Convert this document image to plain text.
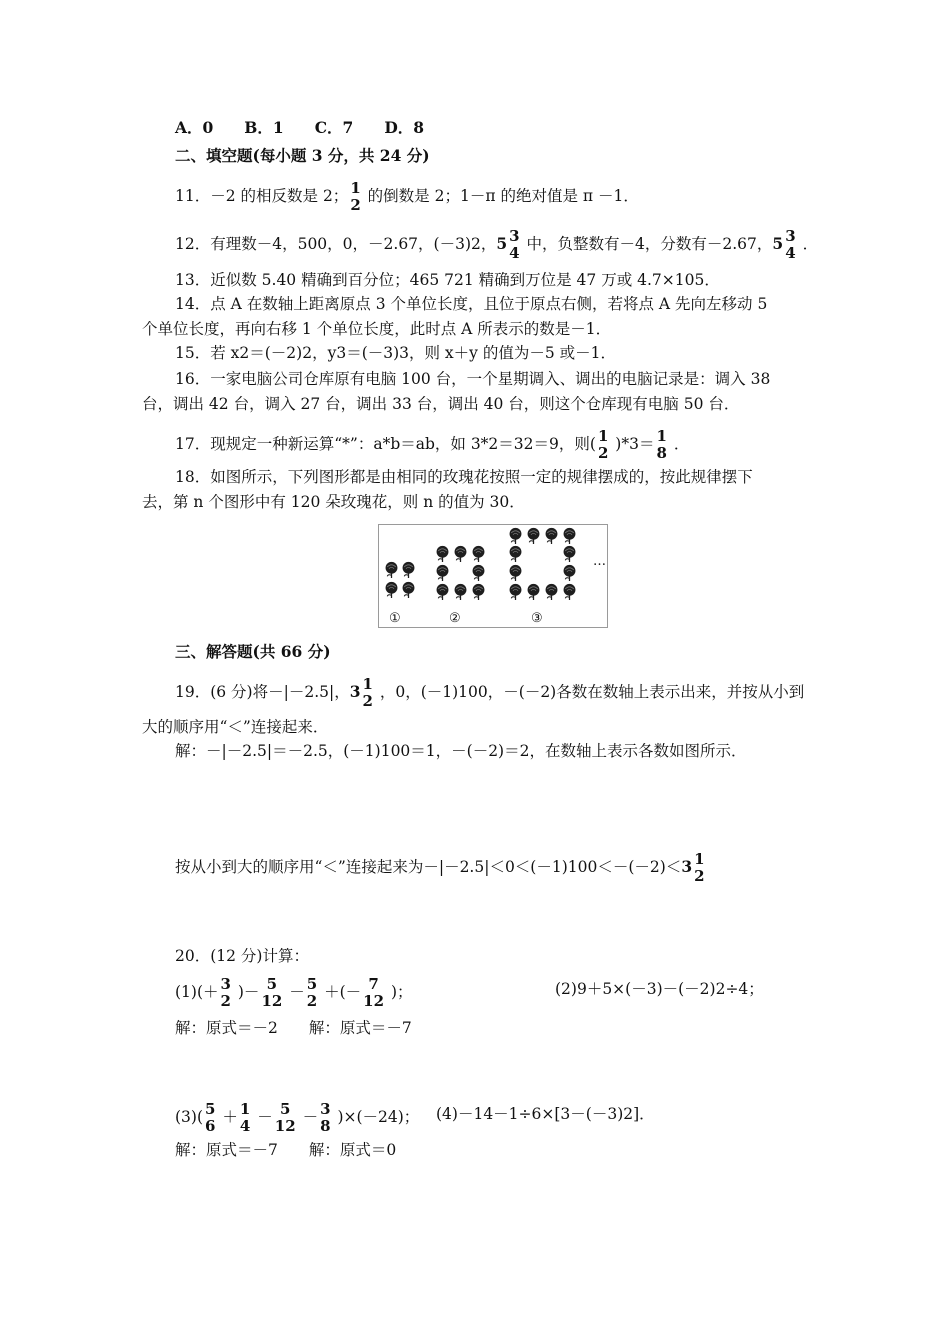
A．0　　B．1　　C．7　　D．8
二、填空题(每小题 3 分，共 24 分)
11．－2 的相反数是 2； 1
2 的倒数是 2；1－π 的绝对值是 π －1．
12．有理数－4，500，0，－2.67，(－3)2，5 3
4 中，负整数有－4，分数有－2.67，5 3
4 ．
13．近似数 5.40 精确到百分位；465 721 精确到万位是 47 万或 4.7×105．
14．点 A 在数轴上距离原点 3 个单位长度，且位于原点右侧，若将点 A 先向左移动 5
个单位长度，再向右移 1 个单位长度，此时点 A 所表示的数是－1．
15．若 x2＝(－2)2，y3＝(－3)3，则 x＋y 的值为－5 或－1．
16．一家电脑公司仓库原有电脑 100 台，一个星期调入、调出的电脑记录是：调入 38
台，调出 42 台，调入 27 台，调出 33 台，调出 40 台，则这个仓库现有电脑 50 台．
17．现规定一种新运算“*”：a*b＝ab，如 3*2＝32＝9，则( 1
2 )*3＝ 1
8 ．
18．如图所示，下列图形都是由相同的玫瑰花按照一定的规律摆成的，按此规律摆下
去，第 n 个图形中有 120 朵玫瑰花，则 n 的值为 30．
①	②	③
…
三、解答题(共 66 分)
19．(6 分)将－|－2.5|，3 1
2 ，0，(－1)100，－(－2)各数在数轴上表示出来，并按从小到
大的顺序用“＜”连接起来．
解：－|－2.5|＝－2.5，(－1)100＝1，－(－2)＝2，在数轴上表示各数如图所示．
按从小到大的顺序用“＜”连接起来为－|－2.5|＜0＜(－1)100＜－(－2)＜3 1
2
20．(12 分)计算：
(1)(＋ 3
2 )－ 5
12 － 5
2 ＋(－ 7
12 )；	(2)9＋5×(－3)－(－2)2÷4；
解：原式＝－2　　解：原式＝－7
(3)( 5
6 ＋ 1
4 － 5
12 － 3
8 )×(－24)； (4)－14－1÷6×[3－(－3)2]．
解：原式＝－7　　解：原式＝0
